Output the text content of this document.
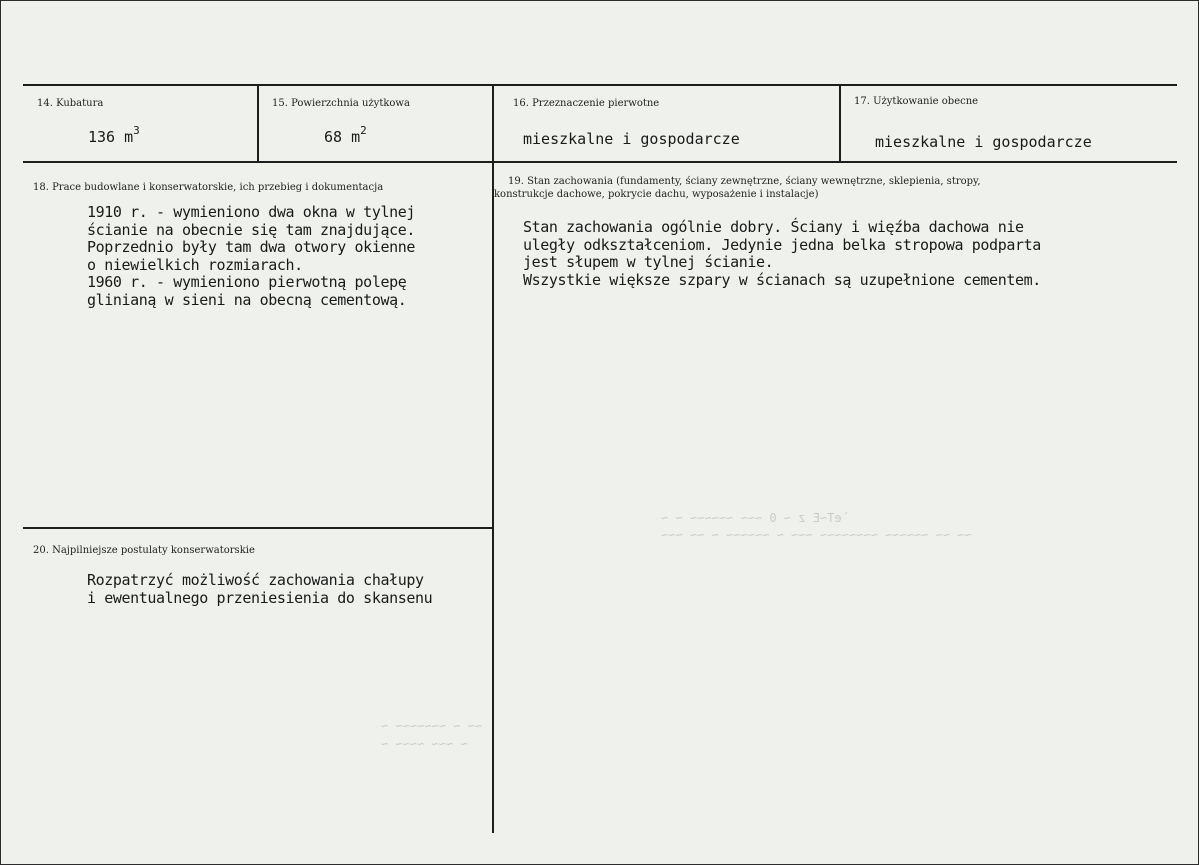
`eT~E z ~ 0 ~~~ ~~~~~~ ~ ~
~~ ~~ ~~~~~~ ~~~~~~~~ ~~~ ~ ~~~~~~ ~ ~~ ~~~
~~ ~ ~~~~~~~ ~
~ ~~~ ~~~~ ~
14. Kubatura
136 $m^3$
15. Powierzchnia użytkowa
68 $m^2$
16. Przeznaczenie pierwotne
mieszkalne i gospodarcze
17. Użytkowanie obecne
mieszkalne i gospodarcze
18. Prace budowlane i konserwatorskie, ich przebieg i dokumentacja
1910 r. - wymieniono dwa okna w tylnej
ścianie na obecnie się tam znajdujące.
Poprzednio były tam dwa otwory okienne
o niewielkich rozmiarach.
1960 r. - wymieniono pierwotną polepę
glinianą w sieni na obecną cementową.
19. Stan zachowania (fundamenty, ściany zewnętrzne, ściany wewnętrzne, sklepienia, stropy,
konstrukcje dachowe, pokrycie dachu, wyposażenie i instalacje)
Stan zachowania ogólnie dobry. Ściany i więźba dachowa nie
uległy odkształceniom. Jedynie jedna belka stropowa podparta
jest słupem w tylnej ścianie.
Wszystkie większe szpary w ścianach są uzupełnione cementem.
20. Najpilniejsze postulaty konserwatorskie
Rozpatrzyć możliwość zachowania chałupy
i ewentualnego przeniesienia do skansenu
